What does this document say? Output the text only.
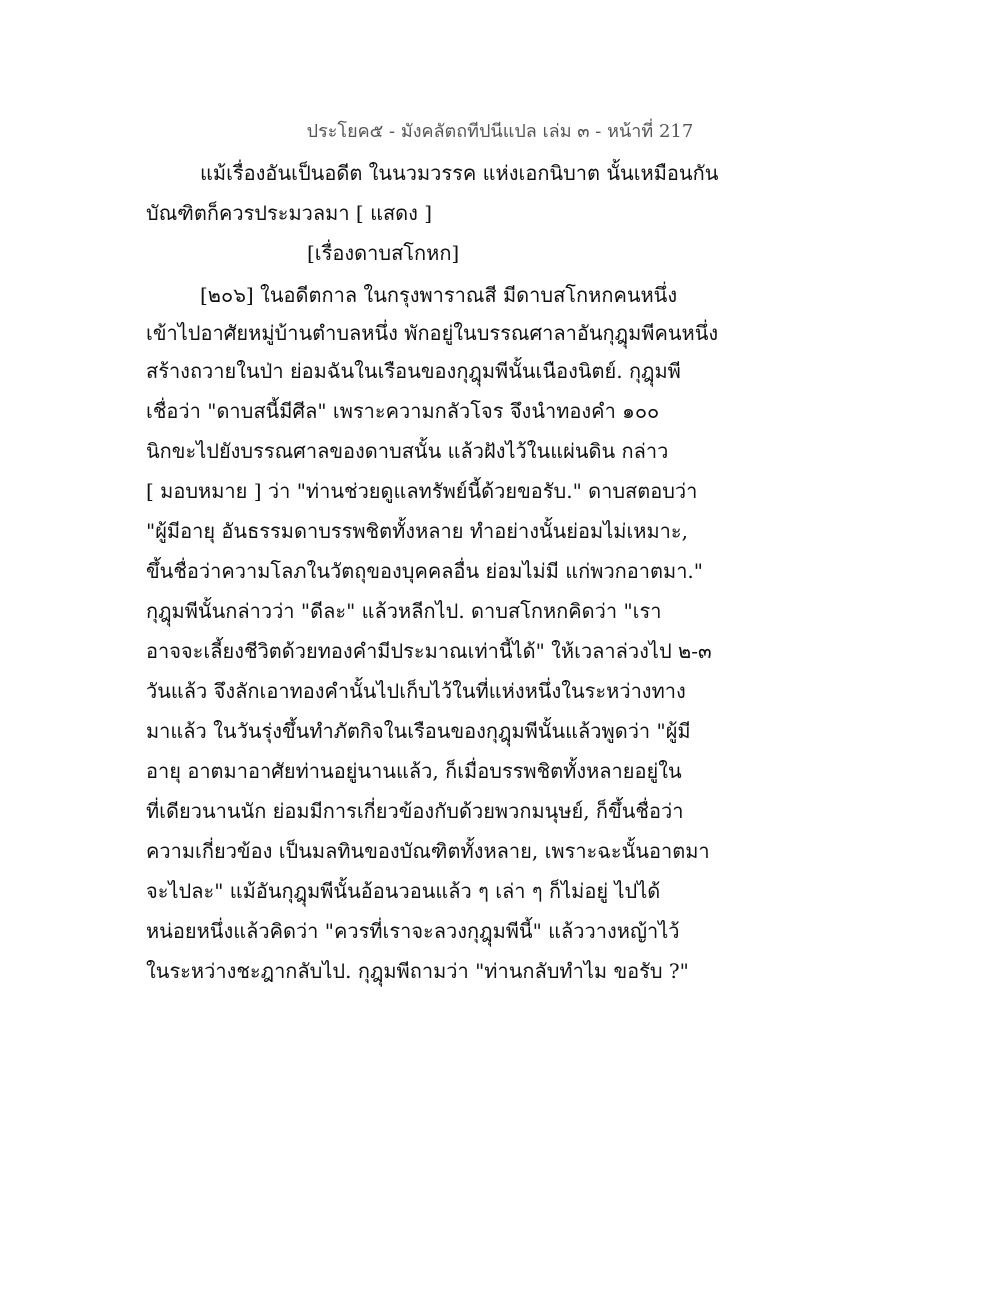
ประโยค๕ - มังคลัตถทีปนีแปล เล่ม ๓ - หน้าที่ 217
แม้เรื่องอันเป็นอดีต ในนวมวรรค แห่งเอกนิบาต นั้นเหมือนกัน
บัณฑิตก็ควรประมวลมา [ แสดง ]
[เรื่องดาบสโกหก]
[๒๐๖] ในอดีตกาล ในกรุงพาราณสี มีดาบสโกหกคนหนึ่ง
เข้าไปอาศัยหมู่บ้านตำบลหนึ่ง พักอยู่ในบรรณศาลาอันกุฎุมพีคนหนึ่ง
สร้างถวายในป่า ย่อมฉันในเรือนของกุฎุมพีนั้นเนืองนิตย์. กุฎุมพี
เชื่อว่า "ดาบสนี้มีศีล" เพราะความกลัวโจร จึงนำทองคำ ๑๐๐
นิกขะไปยังบรรณศาลของดาบสนั้น แล้วฝังไว้ในแผ่นดิน กล่าว
[ มอบหมาย ] ว่า "ท่านช่วยดูแลทรัพย์นี้ด้วยขอรับ." ดาบสตอบว่า
"ผู้มีอายุ อันธรรมดาบรรพชิตทั้งหลาย ทำอย่างนั้นย่อมไม่เหมาะ,
ขึ้นชื่อว่าความโลภในวัตถุของบุคคลอื่น ย่อมไม่มี แก่พวกอาตมา."
กุฎุมพีนั้นกล่าวว่า "ดีละ" แล้วหลีกไป. ดาบสโกหกคิดว่า "เรา
อาจจะเลี้ยงชีวิตด้วยทองคำมีประมาณเท่านี้ได้" ให้เวลาล่วงไป ๒-๓
วันแล้ว จึงลักเอาทองคำนั้นไปเก็บไว้ในที่แห่งหนึ่งในระหว่างทาง
มาแล้ว ในวันรุ่งขึ้นทำภัตกิจในเรือนของกุฎุมพีนั้นแล้วพูดว่า "ผู้มี
อายุ อาตมาอาศัยท่านอยู่นานแล้ว, ก็เมื่อบรรพชิตทั้งหลายอยู่ใน
ที่เดียวนานนัก ย่อมมีการเกี่ยวข้องกับด้วยพวกมนุษย์, ก็ขึ้นชื่อว่า
ความเกี่ยวข้อง เป็นมลทินของบัณฑิตทั้งหลาย, เพราะฉะนั้นอาตมา
จะไปละ" แม้อันกุฎุมพีนั้นอ้อนวอนแล้ว ๆ เล่า ๆ ก็ไม่อยู่ ไปได้
หน่อยหนึ่งแล้วคิดว่า "ควรที่เราจะลวงกุฎุมพีนี้" แล้ววางหญ้าไว้
ในระหว่างชะฎากลับไป. กุฎุมพีถามว่า "ท่านกลับทำไม ขอรับ ?"
